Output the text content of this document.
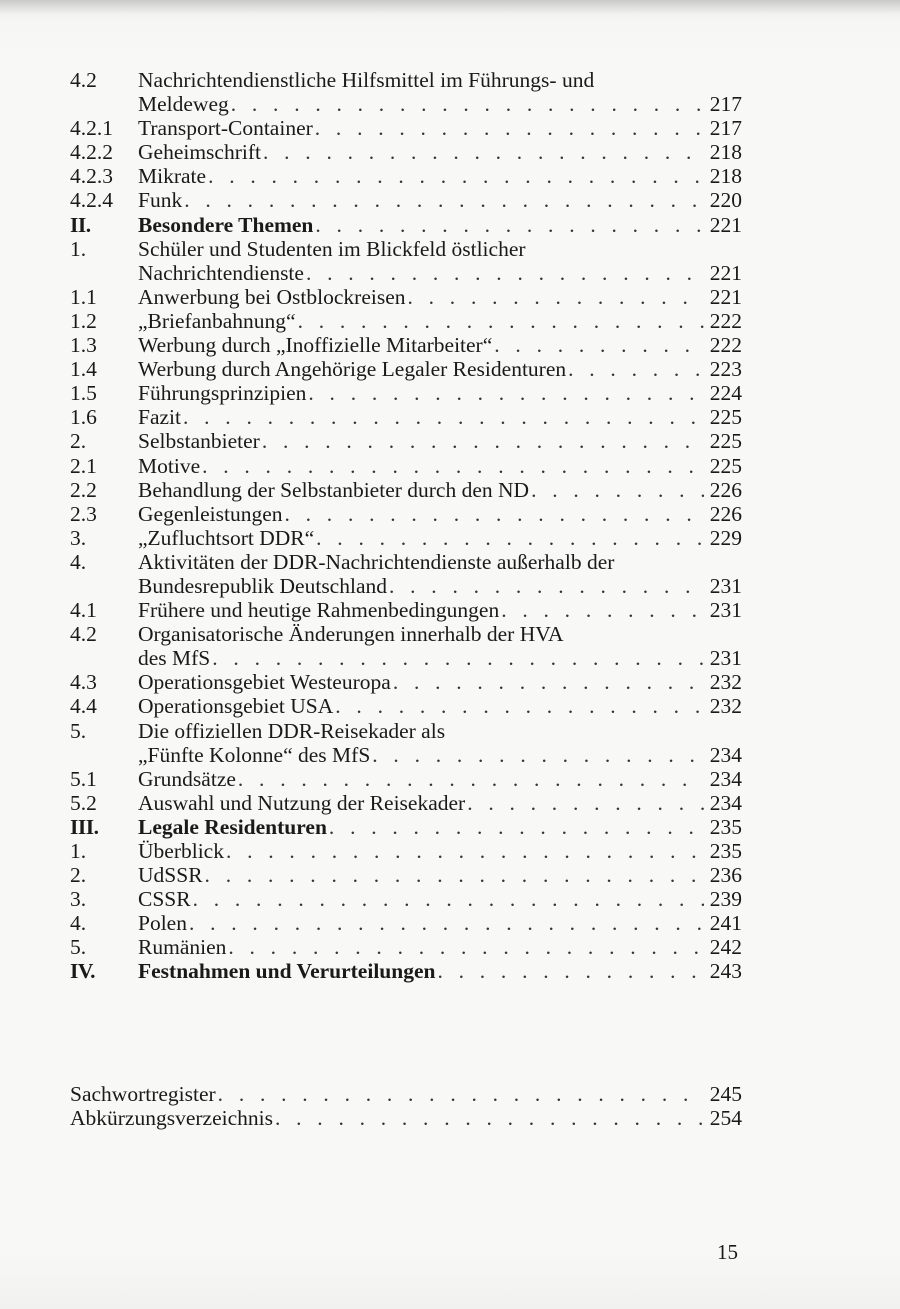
4.2	Nachrichtendienstliche Hilfsmittel im Führungs- und
Meldeweg . . .	217
4.2.1	Transport-Container . . .	217
4.2.2	Geheimschrift . . .	218
4.2.3	Mikrate . . .	218
4.2.4	Funk . . .	220
II.	Besondere Themen . . .	221
1.	Schüler und Studenten im Blickfeld östlicher
Nachrichtendienste . . .	221
1.1	Anwerbung bei Ostblockreisen . . .	221
1.2	„Briefanbahnung“ . . .	222
1.3	Werbung durch „Inoffizielle Mitarbeiter“ . . .	222
1.4	Werbung durch Angehörige Legaler Residenturen . . .	223
1.5	Führungsprinzipien . . .	224
1.6	Fazit . . .	225
2.	Selbstanbieter . . .	225
2.1	Motive . . .	225
2.2	Behandlung der Selbstanbieter durch den ND . . .	226
2.3	Gegenleistungen . . .	226
3.	„Zufluchtsort DDR“ . . .	229
4.	Aktivitäten der DDR-Nachrichtendienste außerhalb der
Bundesrepublik Deutschland . . .	231
4.1	Frühere und heutige Rahmenbedingungen . . .	231
4.2	Organisatorische Änderungen innerhalb der HVA
des MfS . . .	231
4.3	Operationsgebiet Westeuropa . . .	232
4.4	Operationsgebiet USA . . .	232
5.	Die offiziellen DDR-Reisekader als
„Fünfte Kolonne“ des MfS . . .	234
5.1	Grundsätze . . .	234
5.2	Auswahl und Nutzung der Reisekader . . .	234
III.	Legale Residenturen . . .	235
1.	Überblick . . .	235
2.	UdSSR . . .	236
3.	CSSR . . .	239
4.	Polen . . .	241
5.	Rumänien . . .	242
IV.	Festnahmen und Verurteilungen . . .	243
Sachwortregister . . .	245
Abkürzungsverzeichnis . . .	254
15
